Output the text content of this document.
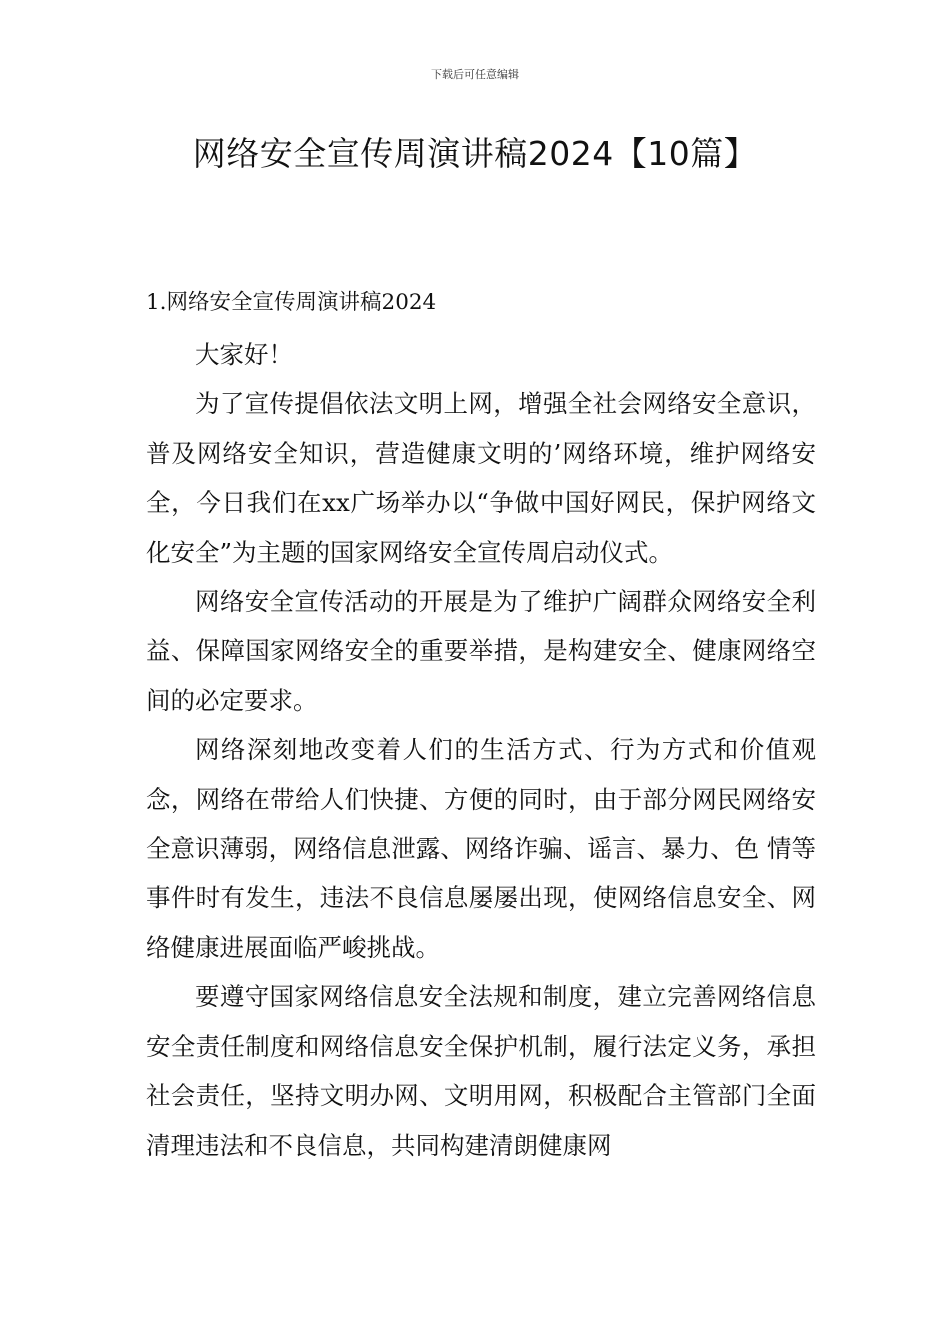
下载后可任意编辑
网络安全宣传周演讲稿2024【10篇】
1.网络安全宣传周演讲稿2024

大家好！

为了宣传提倡依法文明上网，增强全社会网络安全意识，普及网络安全知识，营造健康文明的’网络环境，维护网络安全，今日我们在xx广场举办以“争做中国好网民，保护网络文化安全”为主题的国家网络安全宣传周启动仪式。

网络安全宣传活动的开展是为了维护广阔群众网络安全利益、保障国家网络安全的重要举措，是构建安全、健康网络空间的必定要求。

网络深刻地改变着人们的生活方式、行为方式和价值观念，网络在带给人们快捷、方便的同时，由于部分网民网络安全意识薄弱，网络信息泄露、网络诈骗、谣言、暴力、色 情等事件时有发生，违法不良信息屡屡出现，使网络信息安全、网络健康进展面临严峻挑战。

要遵守国家网络信息安全法规和制度，建立完善网络信息安全责任制度和网络信息安全保护机制，履行法定义务，承担社会责任，坚持文明办网、文明用网，积极配合主管部门全面清理违法和不良信息，共同构建清朗健康网
